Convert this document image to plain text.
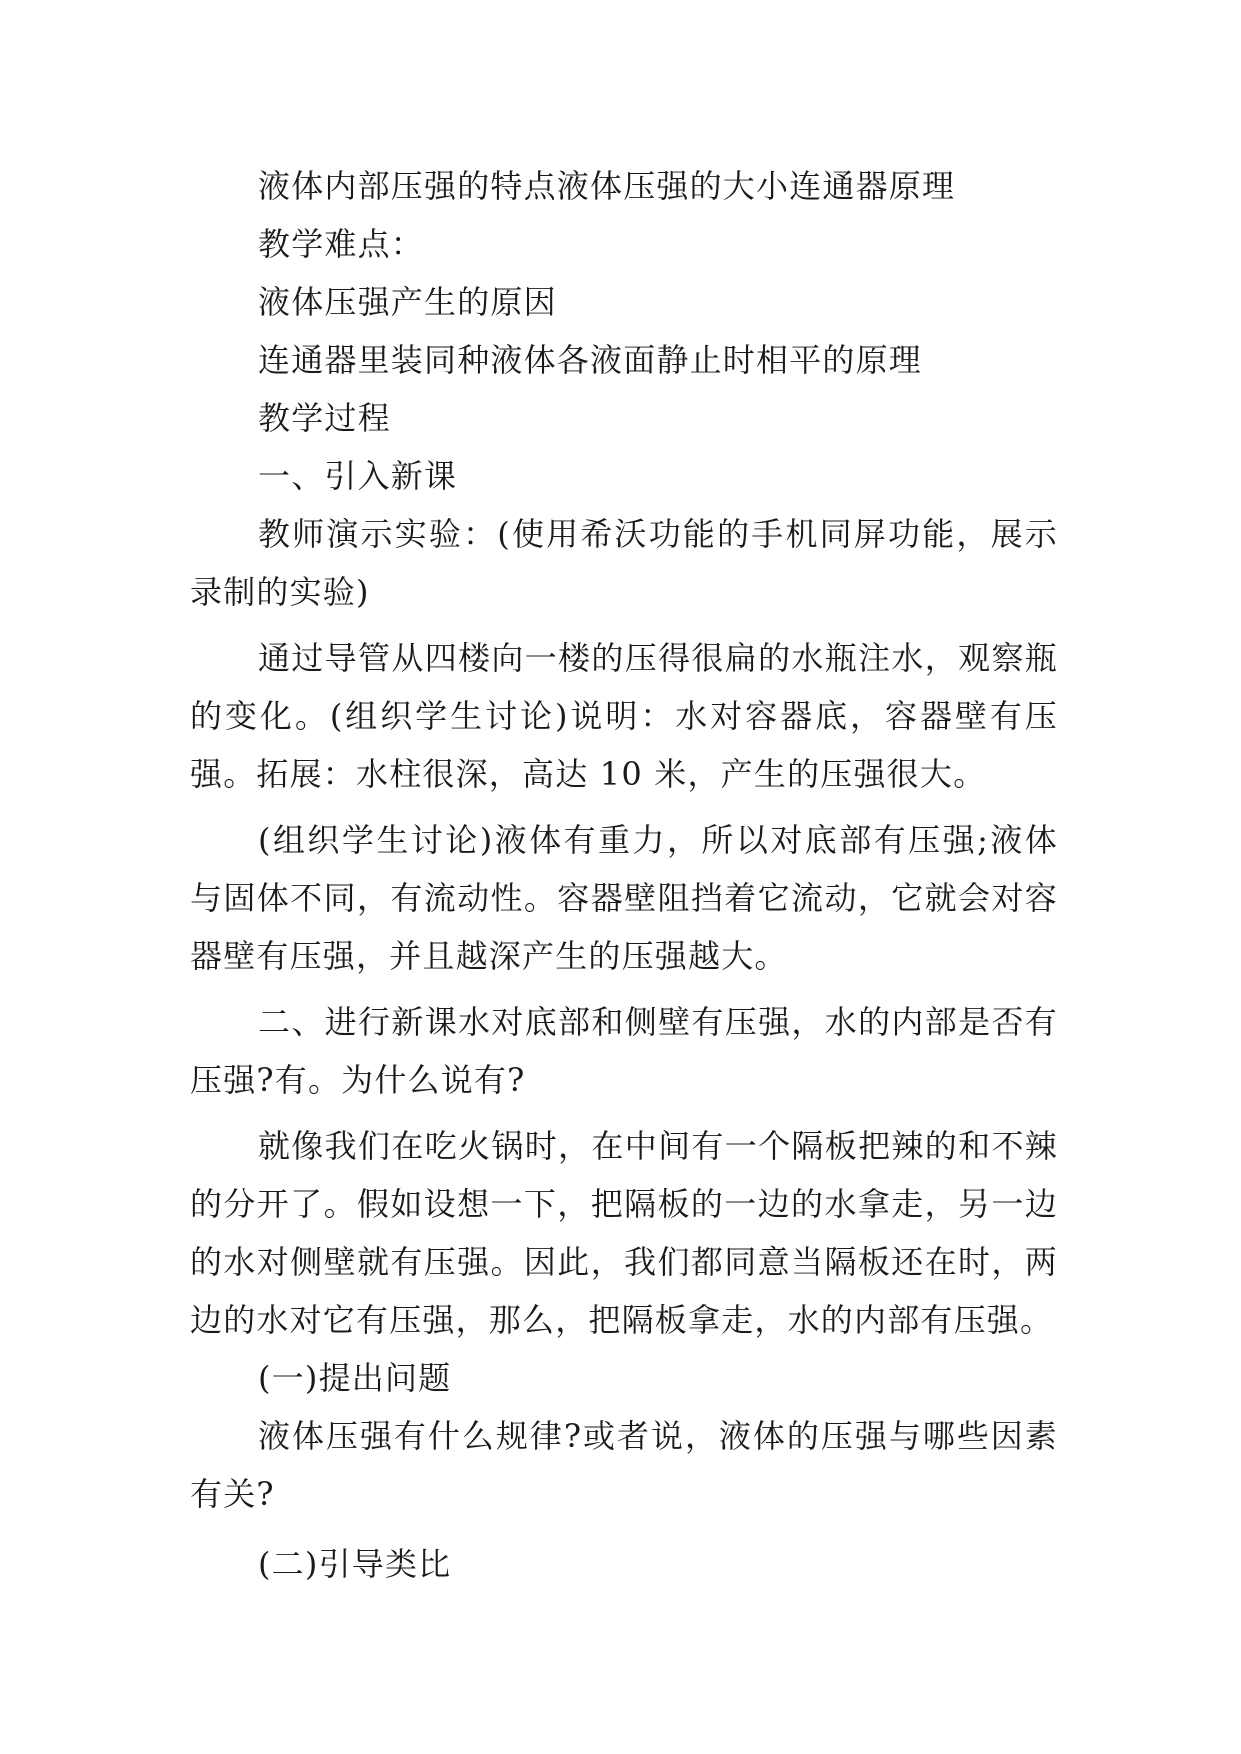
液体内部压强的特点液体压强的大小连通器原理

教学难点：

液体压强产生的原因

连通器里装同种液体各液面静止时相平的原理

教学过程

一、引入新课

教师演示实验：(使用希沃功能的手机同屏功能，展示录制的实验)

通过导管从四楼向一楼的压得很扁的水瓶注水，观察瓶的变化。(组织学生讨论)说明：水对容器底，容器壁有压强。拓展：水柱很深，高达 10 米，产生的压强很大。

(组织学生讨论)液体有重力，所以对底部有压强;液体与固体不同，有流动性。容器壁阻挡着它流动，它就会对容器壁有压强，并且越深产生的压强越大。

二、进行新课水对底部和侧壁有压强，水的内部是否有压强?有。为什么说有?

就像我们在吃火锅时，在中间有一个隔板把辣的和不辣的分开了。假如设想一下，把隔板的一边的水拿走，另一边的水对侧壁就有压强。因此，我们都同意当隔板还在时，两边的水对它有压强，那么，把隔板拿走，水的内部有压强。

(一)提出问题

液体压强有什么规律?或者说，液体的压强与哪些因素有关?

(二)引导类比
